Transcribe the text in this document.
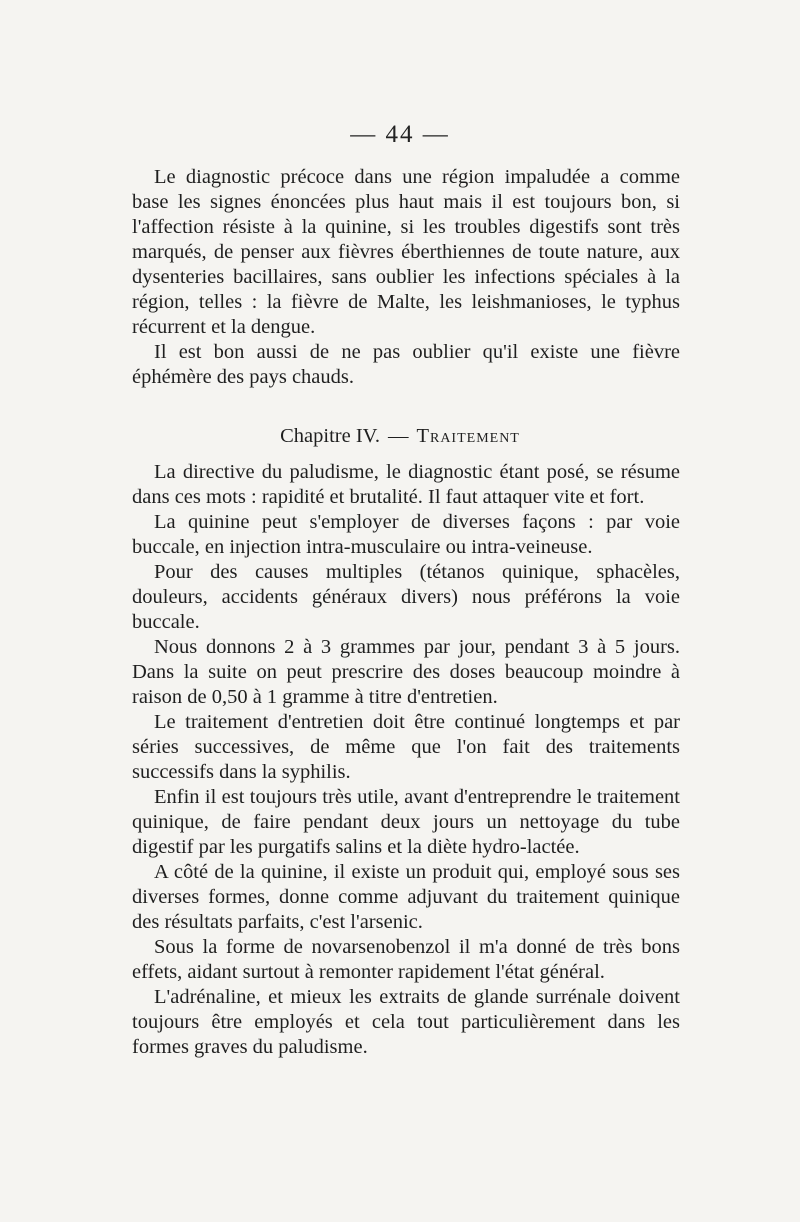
— 44 —

Le diagnostic précoce dans une région impaludée a comme base les signes énoncées plus haut mais il est toujours bon, si l'affection résiste à la quinine, si les troubles digestifs sont très marqués, de penser aux fièvres éberthiennes de toute nature, aux dysenteries bacillaires, sans oublier les infections spéciales à la région, telles : la fièvre de Malte, les leishmanioses, le typhus récurrent et la dengue.

Il est bon aussi de ne pas oublier qu'il existe une fièvre éphémère des pays chauds.

Chapitre IV. — Traitement

La directive du paludisme, le diagnostic étant posé, se résume dans ces mots : rapidité et brutalité. Il faut attaquer vite et fort.

La quinine peut s'employer de diverses façons : par voie buccale, en injection intra-musculaire ou intra-veineuse.

Pour des causes multiples (tétanos quinique, sphacèles, douleurs, accidents généraux divers) nous préférons la voie buccale.

Nous donnons 2 à 3 grammes par jour, pendant 3 à 5 jours. Dans la suite on peut prescrire des doses beaucoup moindre à raison de 0,50 à 1 gramme à titre d'entretien.

Le traitement d'entretien doit être continué longtemps et par séries successives, de même que l'on fait des traitements successifs dans la syphilis.

Enfin il est toujours très utile, avant d'entreprendre le traitement quinique, de faire pendant deux jours un nettoyage du tube digestif par les purgatifs salins et la diète hydro-lactée.

A côté de la quinine, il existe un produit qui, employé sous ses diverses formes, donne comme adjuvant du traitement quinique des résultats parfaits, c'est l'arsenic.

Sous la forme de novarsenobenzol il m'a donné de très bons effets, aidant surtout à remonter rapidement l'état général.

L'adrénaline, et mieux les extraits de glande surrénale doivent toujours être employés et cela tout particulièrement dans les formes graves du paludisme.
